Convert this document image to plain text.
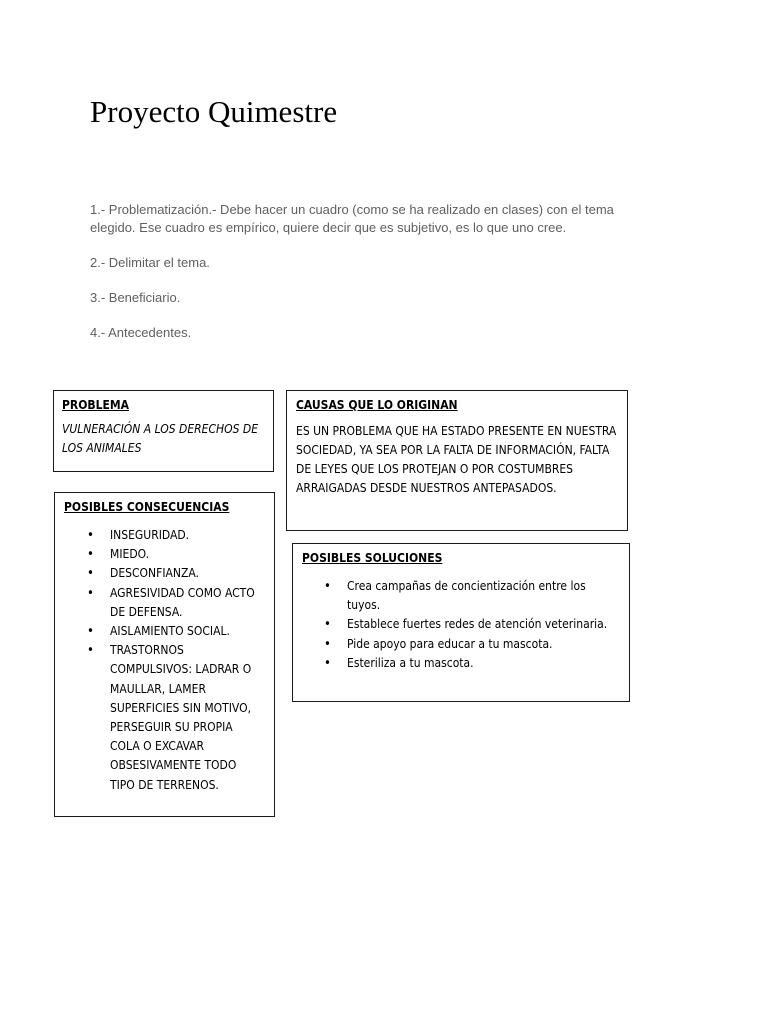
Proyecto Quimestre

1.- Problematización.- Debe hacer un cuadro (como se ha realizado en clases) con el tema elegido. Ese cuadro es empírico, quiere decir que es subjetivo, es lo que uno cree.

2.- Delimitar el tema.

3.- Beneficiario.

4.- Antecedentes.

PROBLEMA
VULNERACIÓN A LOS DERECHOS DE LOS ANIMALES
CAUSAS QUE LO ORIGINAN
ES UN PROBLEMA QUE HA ESTADO PRESENTE EN NUESTRA SOCIEDAD, YA SEA POR LA FALTA DE INFORMACIÓN, FALTA DE LEYES QUE LOS PROTEJAN O POR COSTUMBRES ARRAIGADAS DESDE NUESTROS ANTEPASADOS.
POSIBLES CONSECUENCIAS
• INSEGURIDAD.
• MIEDO.
• DESCONFIANZA.
• AGRESIVIDAD COMO ACTO DE DEFENSA.
• AISLAMIENTO SOCIAL.
• TRASTORNOS COMPULSIVOS: LADRAR O MAULLAR, LAMER SUPERFICIES SIN MOTIVO, PERSEGUIR SU PROPIA COLA O EXCAVAR OBSESIVAMENTE TODO TIPO DE TERRENOS.
POSIBLES SOLUCIONES
• Crea campañas de concientización entre los tuyos.
• Establece fuertes redes de atención veterinaria.
• Pide apoyo para educar a tu mascota.
• Esteriliza a tu mascota.
